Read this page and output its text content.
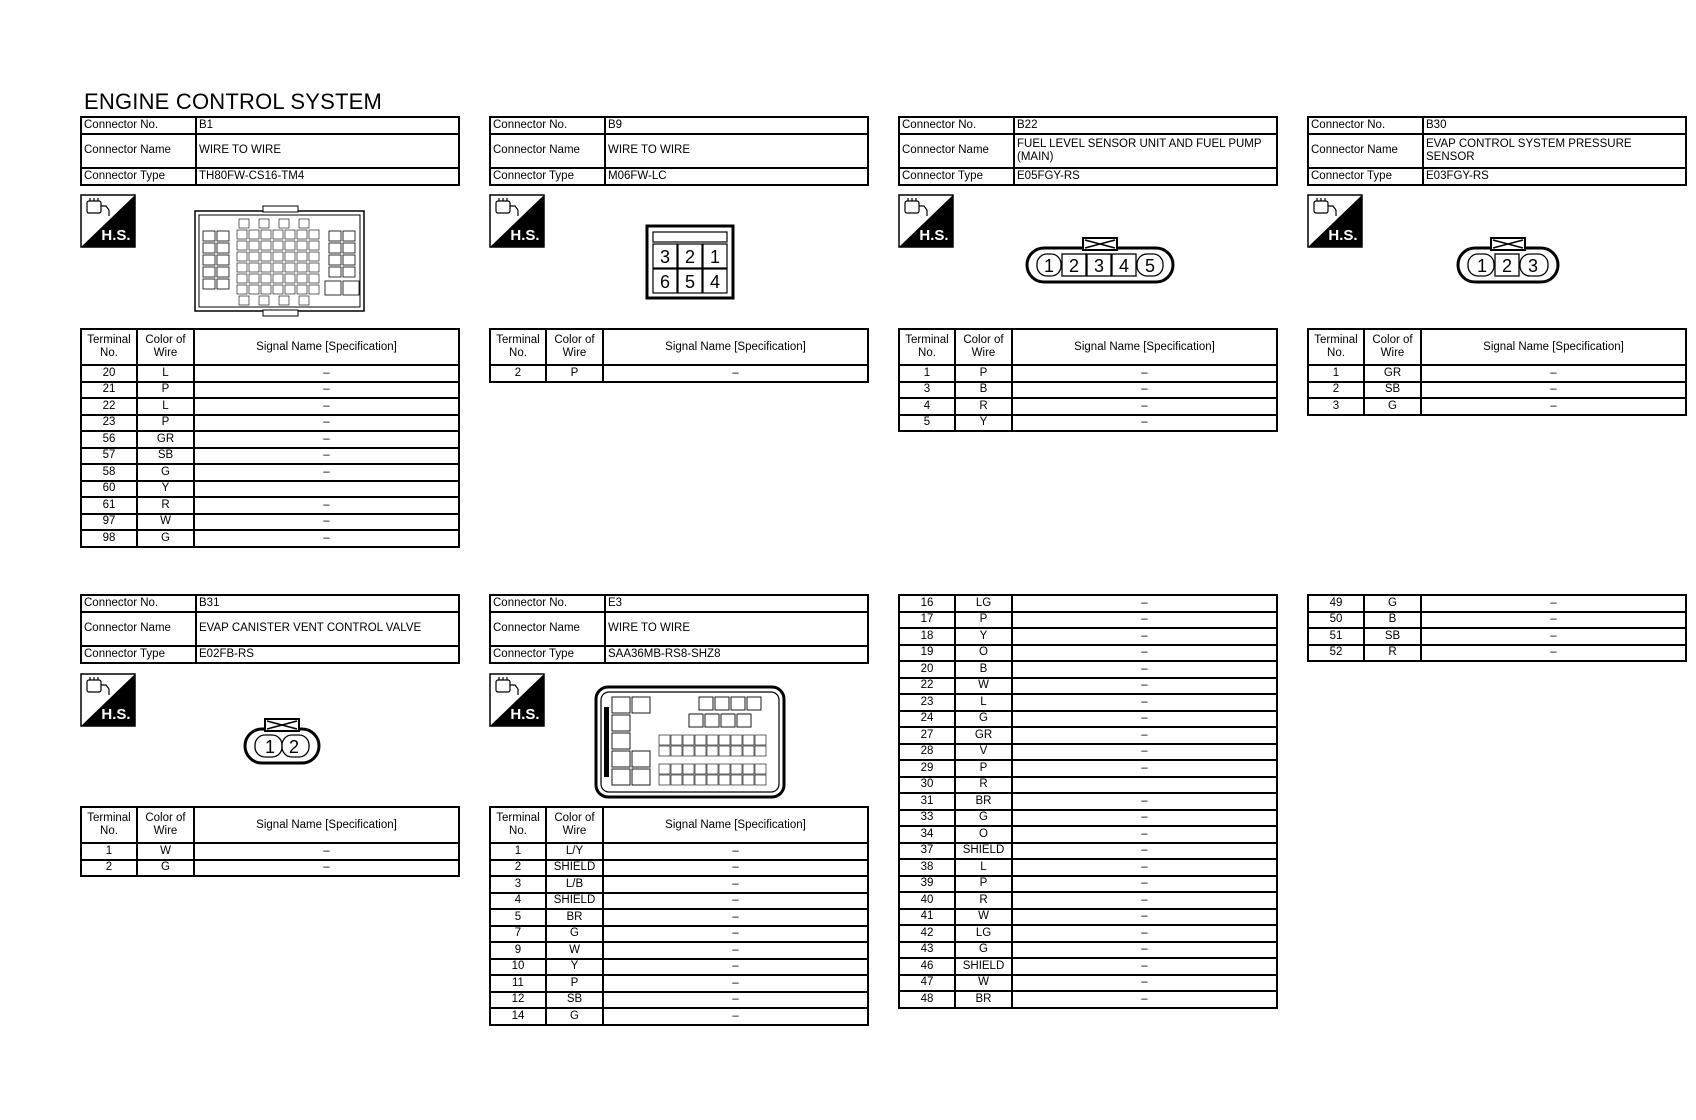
ENGINE CONTROL SYSTEM
Connector No.	B1
Connector Name	WIRE TO WIRE
Connector Type	TH80FW-CS16-TM4
H.S.
Terminal No.	Color of Wire	Signal Name [Specification]
20	L	–
21	P	–
22	L	–
23	P	–
56	GR	–
57	SB	–
58	G	–
60	Y	
61	R	–
97	W	–
98	G	–
Connector No.	B9
Connector Name	WIRE TO WIRE
Connector Type	M06FW-LC
H.S.
3 2 1
6 5 4
Terminal No.	Color of Wire	Signal Name [Specification]
2	P	–
Connector No.	B22
Connector Name	FUEL LEVEL SENSOR UNIT AND FUEL PUMP (MAIN)
Connector Type	E05FGY-RS
H.S.
1 2 3 4 5
Terminal No.	Color of Wire	Signal Name [Specification]
1	P	–
3	B	–
4	R	–
5	Y	–
Connector No.	B30
Connector Name	EVAP CONTROL SYSTEM PRESSURE SENSOR
Connector Type	E03FGY-RS
H.S.
1 2 3
Terminal No.	Color of Wire	Signal Name [Specification]
1	GR	–
2	SB	–
3	G	–
Connector No.	B31
Connector Name	EVAP CANISTER VENT CONTROL VALVE
Connector Type	E02FB-RS
H.S.
1 2
Terminal No.	Color of Wire	Signal Name [Specification]
1	W	–
2	G	–
Connector No.	E3
Connector Name	WIRE TO WIRE
Connector Type	SAA36MB-RS8-SHZ8
H.S.
Terminal No.	Color of Wire	Signal Name [Specification]
1	L/Y	–
2	SHIELD	–
3	L/B	–
4	SHIELD	–
5	BR	–
7	G	–
9	W	–
10	Y	–
11	P	–
12	SB	–
14	G	–
16	LG	–
17	P	–
18	Y	–
19	O	–
20	B	–
22	W	–
23	L	–
24	G	–
27	GR	–
28	V	–
29	P	–
30	R	
31	BR	–
33	G	–
34	O	–
37	SHIELD	–
38	L	–
39	P	–
40	R	–
41	W	–
42	LG	–
43	G	–
46	SHIELD	–
47	W	–
48	BR	–
49	G	–
50	B	–
51	SB	–
52	R	–
